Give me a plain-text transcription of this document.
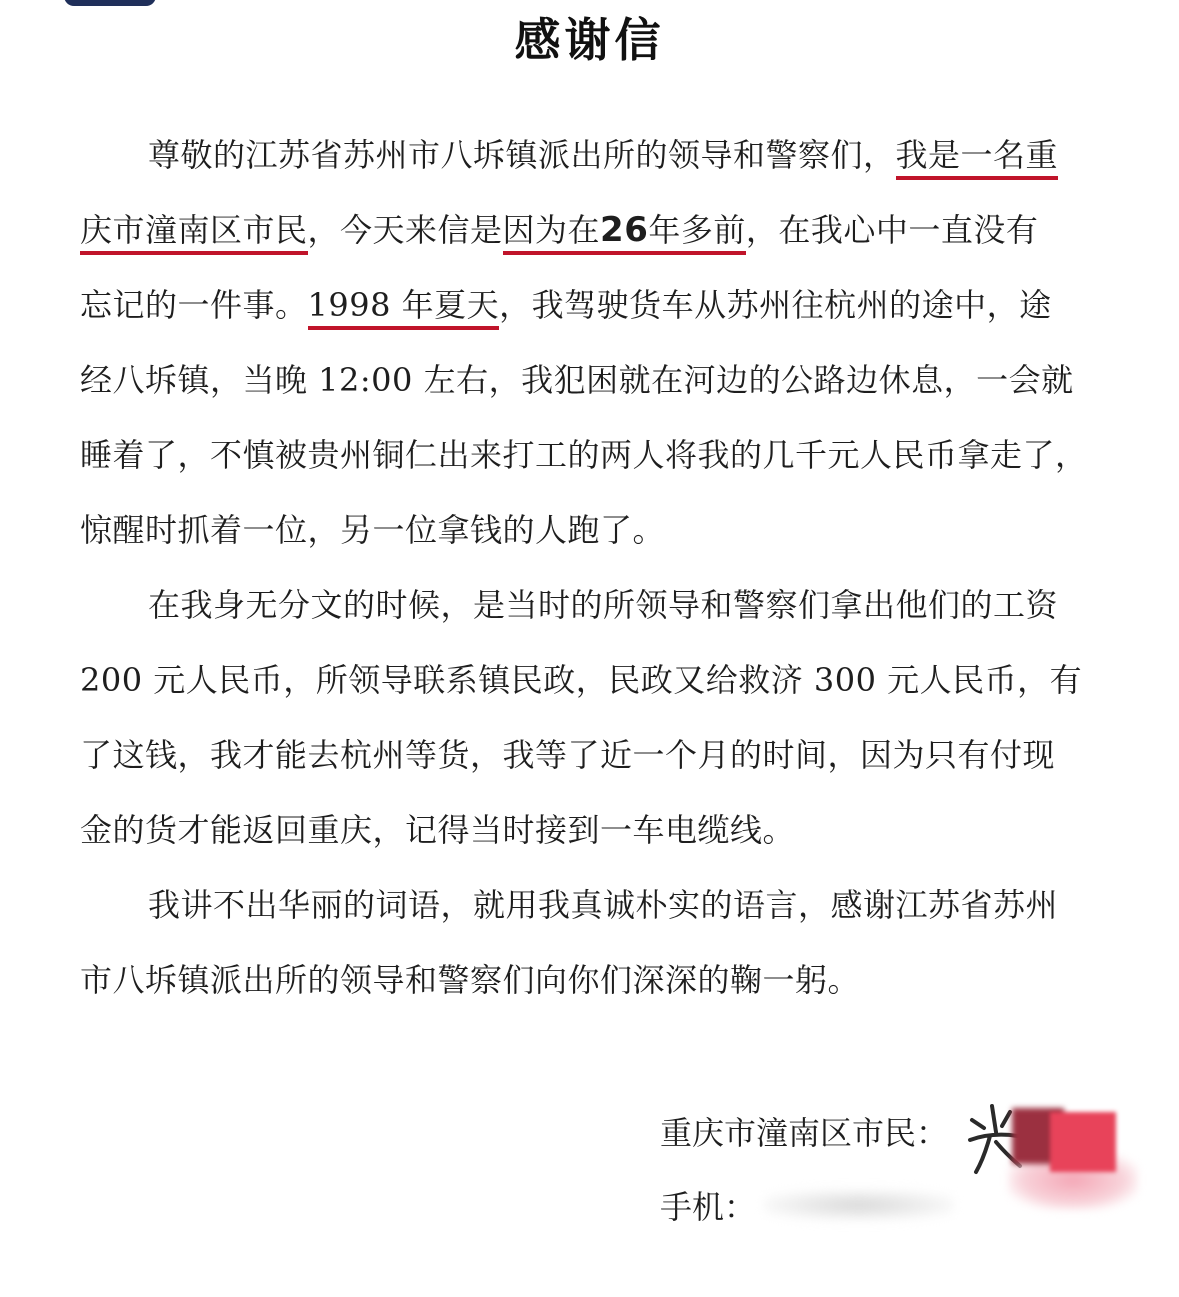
感谢信
尊敬的江苏省苏州市八坼镇派出所的领导和警察们，我是一名重
庆市潼南区市民，今天来信是因为在26年多前，在我心中一直没有
忘记的一件事。1998 年夏天，我驾驶货车从苏州往杭州的途中，途
经八坼镇，当晚 12:00 左右，我犯困就在河边的公路边休息，一会就
睡着了，不慎被贵州铜仁出来打工的两人将我的几千元人民币拿走了，
惊醒时抓着一位，另一位拿钱的人跑了。
在我身无分文的时候，是当时的所领导和警察们拿出他们的工资
200 元人民币，所领导联系镇民政，民政又给救济 300 元人民币，有
了这钱，我才能去杭州等货，我等了近一个月的时间，因为只有付现
金的货才能返回重庆，记得当时接到一车电缆线。
我讲不出华丽的词语，就用我真诚朴实的语言，感谢江苏省苏州
市八坼镇派出所的领导和警察们向你们深深的鞠一躬。
重庆市潼南区市民：
手机：
